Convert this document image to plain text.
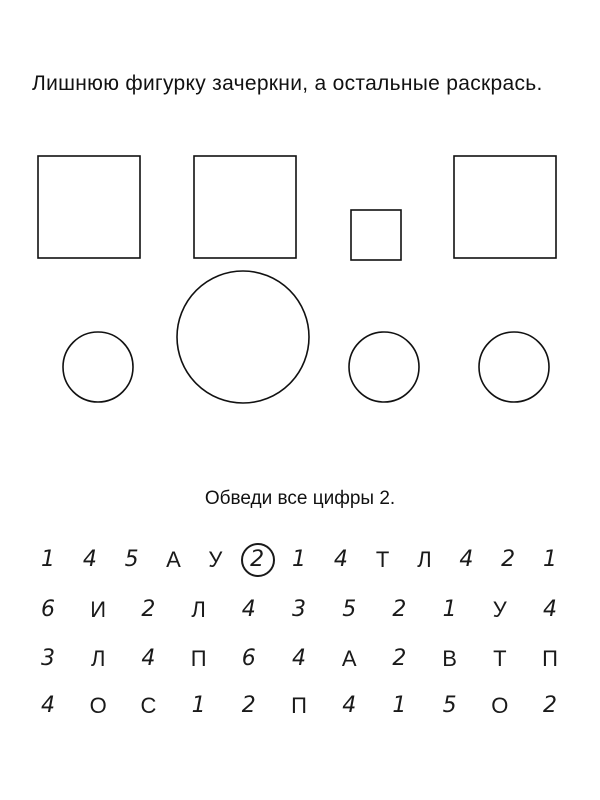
Лишнюю фигурку зачеркни, а остальные раскрась.
Обведи все цифры 2.
1	4	5	А	У	2	1	4	Т	Л	4	2	1
6	И	2	Л	4	3	5	2	1	У	4
3	Л	4	П	6	4	А	2	В	Т	П
4	О	С	1	2	П	4	1	5	О	2
